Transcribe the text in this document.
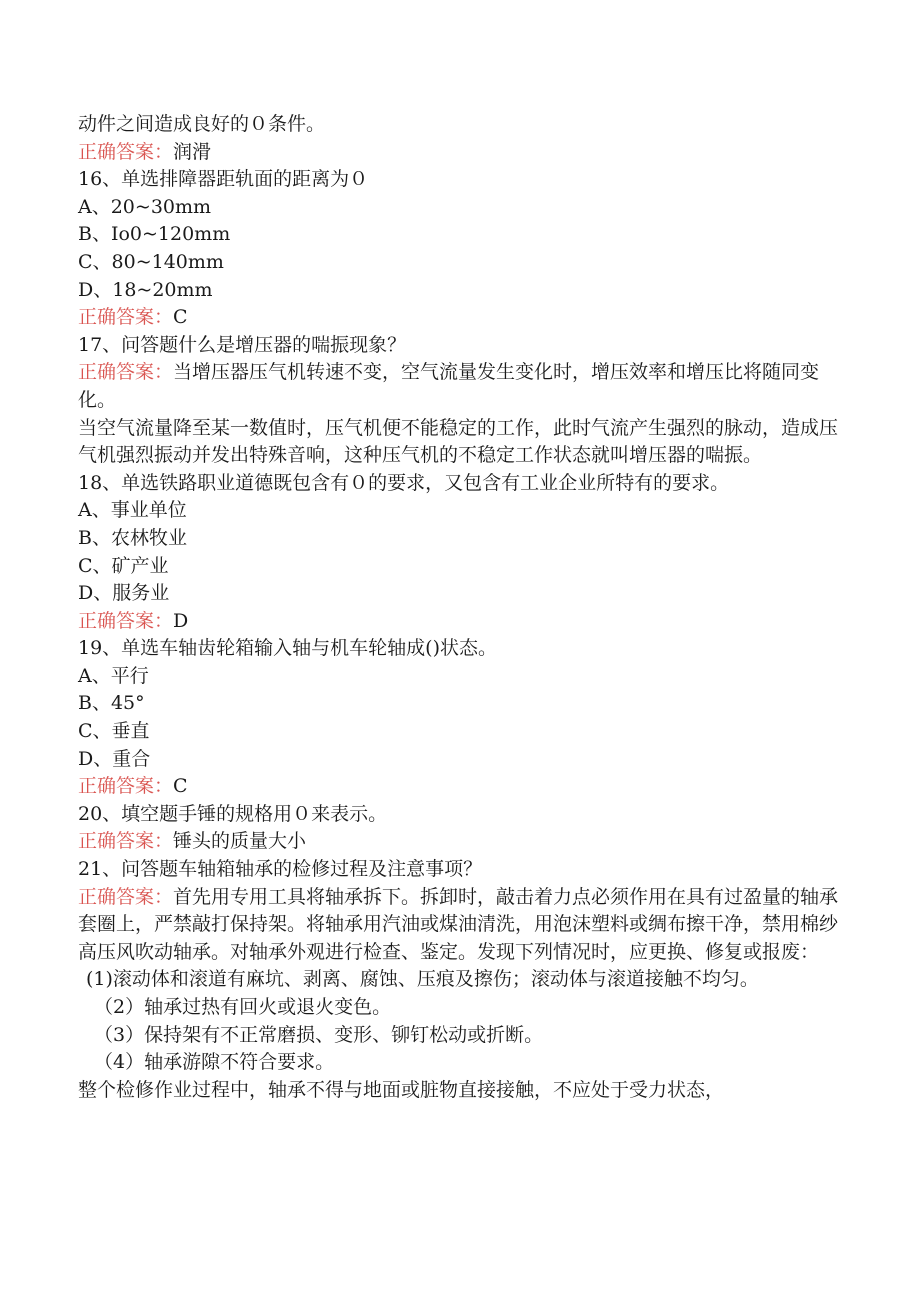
动件之间造成良好的０条件。
正确答案：润滑
16、单选排障器距轨面的距离为０
A、20~30mm
B、Io0~120mm
C、80~140mm
D、18~20mm
正确答案：C
17、问答题什么是增压器的喘振现象？
正确答案：当增压器压气机转速不变，空气流量发生变化时，增压效率和增压比将随同变化。
当空气流量降至某一数值时，压气机便不能稳定的工作，此时气流产生强烈的脉动，造成压气机强烈振动并发出特殊音响，这种压气机的不稳定工作状态就叫增压器的喘振。
18、单选铁路职业道德既包含有０的要求，又包含有工业企业所特有的要求。
A、事业单位
B、农林牧业
C、矿产业
D、服务业
正确答案：D
19、单选车轴齿轮箱输入轴与机车轮轴成()状态。
A、平行
B、45°
C、垂直
D、重合
正确答案：C
20、填空题手锤的规格用０来表示。
正确答案：锤头的质量大小
21、问答题车轴箱轴承的检修过程及注意事项？
正确答案：首先用专用工具将轴承拆下。拆卸时，敲击着力点必须作用在具有过盈量的轴承套圈上，严禁敲打保持架。将轴承用汽油或煤油清洗，用泡沫塑料或绸布擦干净，禁用棉纱高压风吹动轴承。对轴承外观进行检查、鉴定。发现下列情况时，应更换、修复或报废：
(1)滚动体和滚道有麻坑、剥离、腐蚀、压痕及擦伤；滚动体与滚道接触不均匀。
（2）轴承过热有回火或退火变色。
（3）保持架有不正常磨损、变形、铆钉松动或折断。
（4）轴承游隙不符合要求。
整个检修作业过程中，轴承不得与地面或脏物直接接触，不应处于受力状态，
